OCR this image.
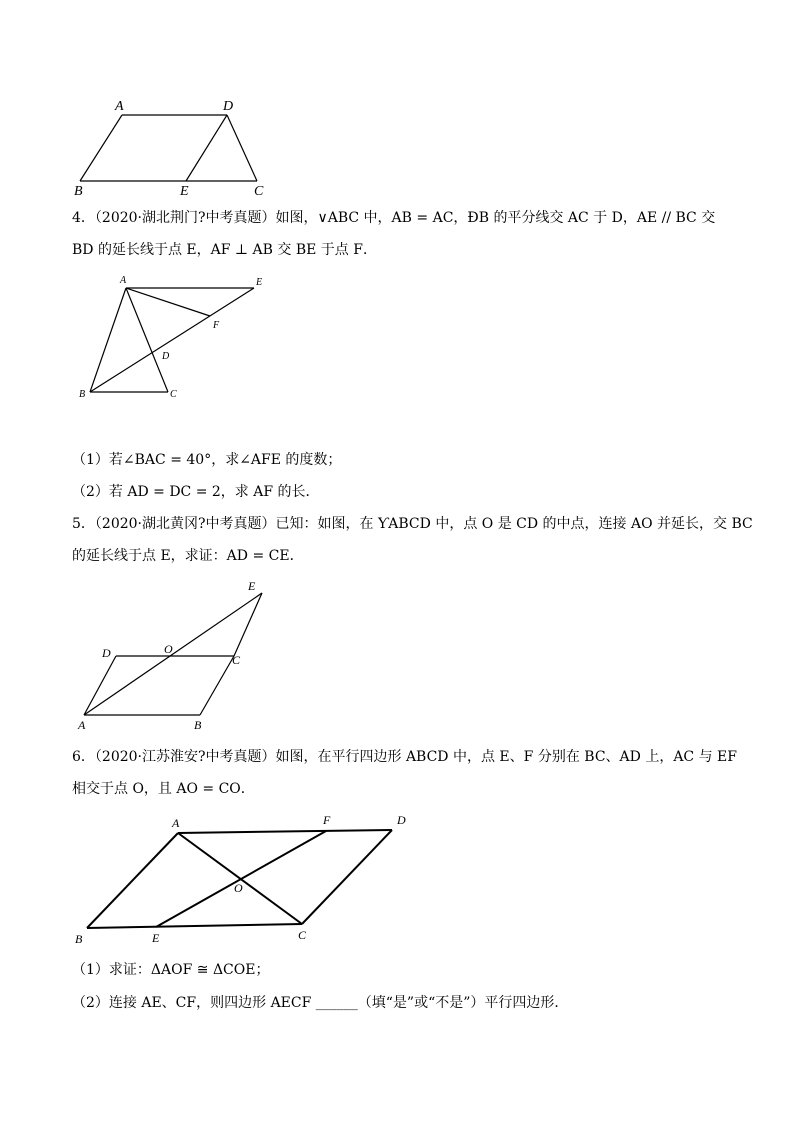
A	D
B	E	C
4．（2020·湖北荆门?中考真题）如图，∨ABC 中，AB = AC，ÐB 的平分线交 AC 于 D，AE // BC 交
BD 的延长线于点 E，AF ⊥ AB 交 BE 于点 F．
A	E
F
D
B	C
（1）若∠BAC = 40°，求∠AFE 的度数；
（2）若 AD = DC = 2，求 AF 的长．
5．（2020·湖北黄冈?中考真题）已知：如图，在 ƳABCD 中，点 O 是 CD 的中点，连接 AO 并延长，交 BC
的延长线于点 E，求证：AD = CE．
E
D	O
C
A	B
6．（2020·江苏淮安?中考真题）如图，在平行四边形 ABCD 中，点 E、F 分别在 BC、AD 上，AC 与 EF
相交于点 O，且 AO = CO．
A	F	D
O
B	E	C
（1）求证：ΔAOF ≅ ΔCOE；
（2）连接 AE、CF，则四边形 AECF ______（填“是”或“不是”）平行四边形．
